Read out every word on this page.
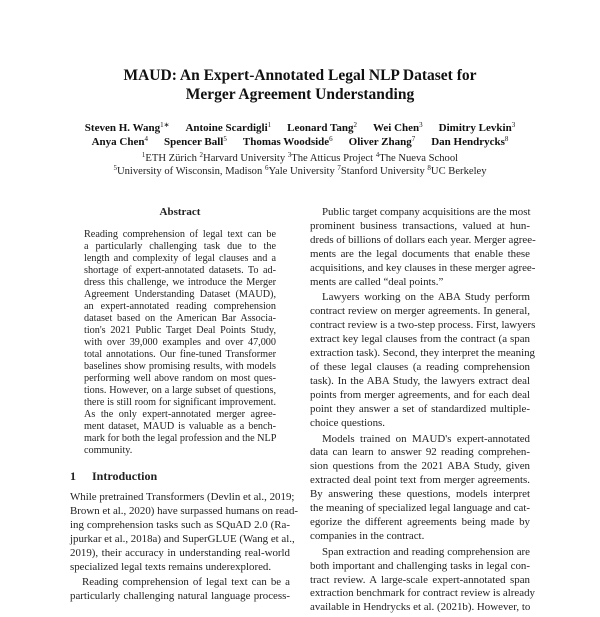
MAUD: An Expert-Annotated Legal NLP Dataset for
Merger Agreement Understanding
Steven H. Wang$^{1∗}$ Antoine Scardigli$^1$ Leonard Tang$^2$ Wei Chen$^3$ Dimitry Levkin$^3$
Anya Chen$^4$ Spencer Ball$^5$ Thomas Woodside$^6$ Oliver Zhang$^7$ Dan Hendrycks$^8$
$^1$ETH Zürich $^2$Harvard University $^3$The Atticus Project $^4$The Nueva School
$^5$University of Wisconsin, Madison $^6$Yale University $^7$Stanford University $^8$UC Berkeley
Abstract
Reading comprehension of legal text can be
a particularly challenging task due to the
length and complexity of legal clauses and a
shortage of expert-annotated datasets. To ad-
dress this challenge, we introduce the Merger
Agreement Understanding Dataset (MAUD),
an expert-annotated reading comprehension
dataset based on the American Bar Associa-
tion's 2021 Public Target Deal Points Study,
with over 39,000 examples and over 47,000
total annotations. Our fine-tuned Transformer
baselines show promising results, with models
performing well above random on most ques-
tions. However, on a large subset of questions,
there is still room for significant improvement.
As the only expert-annotated merger agree-
ment dataset, MAUD is valuable as a bench-
mark for both the legal profession and the NLP
community.
1 Introduction
While pretrained Transformers (Devlin et al., 2019;
Brown et al., 2020) have surpassed humans on read-
ing comprehension tasks such as SQuAD 2.0 (Ra-
jpurkar et al., 2018a) and SuperGLUE (Wang et al.,
2019), their accuracy in understanding real-world
specialized legal texts remains underexplored.
Reading comprehension of legal text can be a
particularly challenging natural language process-
Public target company acquisitions are the most
prominent business transactions, valued at hun-
dreds of billions of dollars each year. Merger agree-
ments are the legal documents that enable these
acquisitions, and key clauses in these merger agree-
ments are called “deal points.”
Lawyers working on the ABA Study perform
contract review on merger agreements. In general,
contract review is a two-step process. First, lawyers
extract key legal clauses from the contract (a span
extraction task). Second, they interpret the meaning
of these legal clauses (a reading comprehension
task). In the ABA Study, the lawyers extract deal
points from merger agreements, and for each deal
point they answer a set of standardized multiple-
choice questions.
Models trained on MAUD's expert-annotated
data can learn to answer 92 reading comprehen-
sion questions from the 2021 ABA Study, given
extracted deal point text from merger agreements.
By answering these questions, models interpret
the meaning of specialized legal language and cat-
egorize the different agreements being made by
companies in the contract.
Span extraction and reading comprehension are
both important and challenging tasks in legal con-
tract review. A large-scale expert-annotated span
extraction benchmark for contract review is already
available in Hendrycks et al. (2021b). However, to
